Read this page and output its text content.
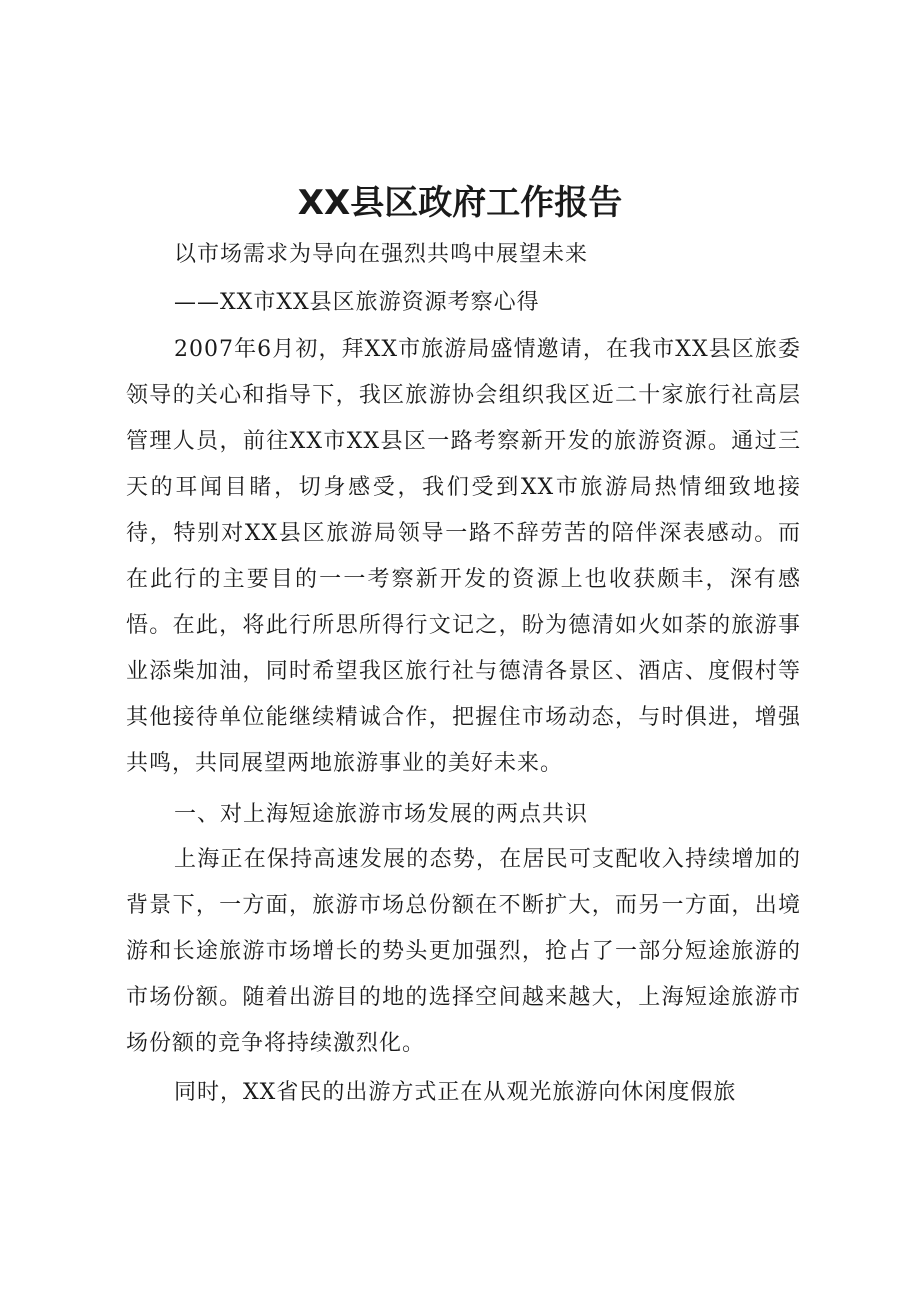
XX县区政府工作报告

以市场需求为导向在强烈共鸣中展望未来

——XX市XX县区旅游资源考察心得

2007年6月初，拜XX市旅游局盛情邀请，在我市XX县区旅委领导的关心和指导下，我区旅游协会组织我区近二十家旅行社高层管理人员，前往XX市XX县区一路考察新开发的旅游资源。通过三天的耳闻目睹，切身感受，我们受到XX市旅游局热情细致地接待，特别对XX县区旅游局领导一路不辞劳苦的陪伴深表感动。而在此行的主要目的一一考察新开发的资源上也收获颇丰，深有感悟。在此，将此行所思所得行文记之，盼为德清如火如荼的旅游事业添柴加油，同时希望我区旅行社与德清各景区、酒店、度假村等其他接待单位能继续精诚合作，把握住市场动态，与时俱进，增强共鸣，共同展望两地旅游事业的美好未来。

一、对上海短途旅游市场发展的两点共识

上海正在保持高速发展的态势，在居民可支配收入持续增加的背景下，一方面，旅游市场总份额在不断扩大，而另一方面，出境游和长途旅游市场增长的势头更加强烈，抢占了一部分短途旅游的市场份额。随着出游目的地的选择空间越来越大，上海短途旅游市场份额的竞争将持续激烈化。

同时，XX省民的出游方式正在从观光旅游向休闲度假旅
